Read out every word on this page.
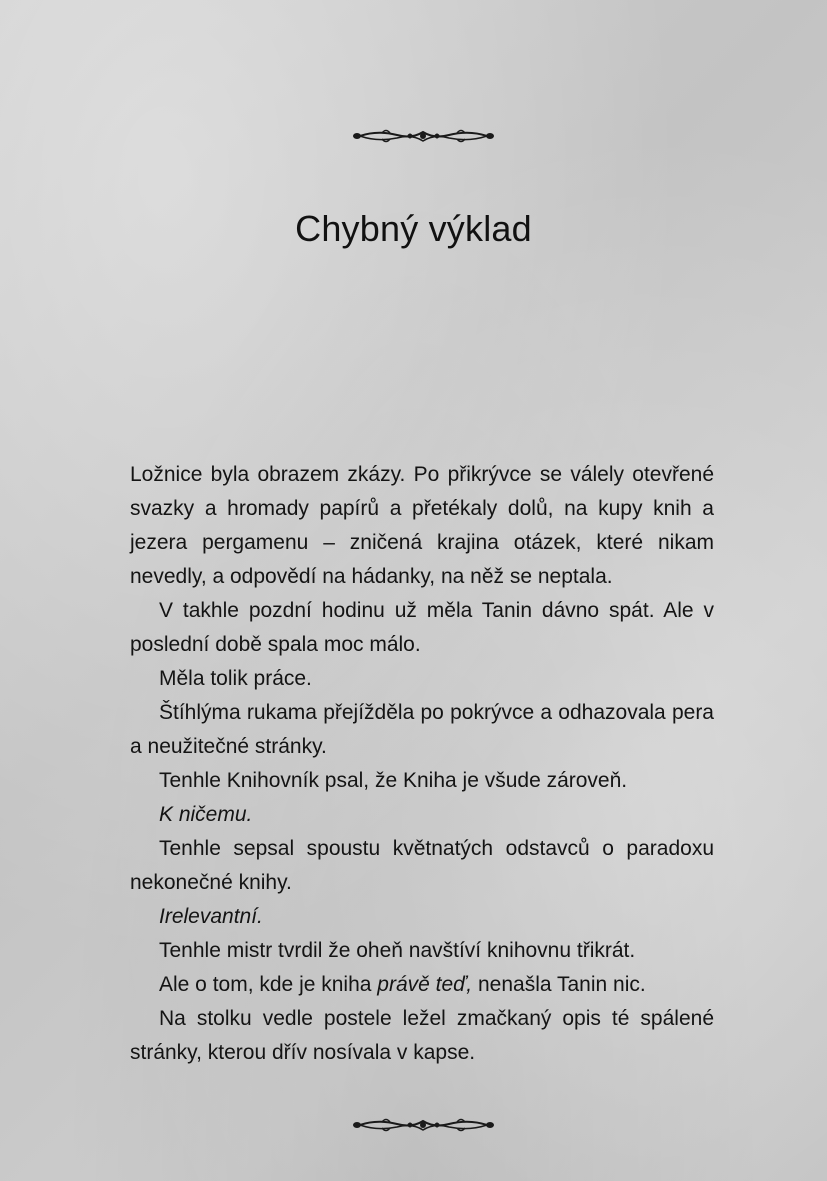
Chybný výklad

Ložnice byla obrazem zkázy. Po přikrývce se válely otevřené svazky a hromady papírů a přetékaly dolů, na kupy knih a jezera pergamenu – zničená krajina otázek, které nikam nevedly, a odpovědí na hádanky, na něž se neptala.

V takhle pozdní hodinu už měla Tanin dávno spát. Ale v poslední době spala moc málo.

Měla tolik práce.

Štíhlýma rukama přejížděla po pokrývce a odhazovala pera a neužitečné stránky.

Tenhle Knihovník psal, že Kniha je všude zároveň.

K ničemu.

Tenhle sepsal spoustu květnatých odstavců o paradoxu nekonečné knihy.

Irelevantní.

Tenhle mistr tvrdil že oheň navštíví knihovnu třikrát.

Ale o tom, kde je kniha právě teď, nenašla Tanin nic.

Na stolku vedle postele ležel zmačkaný opis té spálené stránky, kterou dřív nosívala v kapse.
